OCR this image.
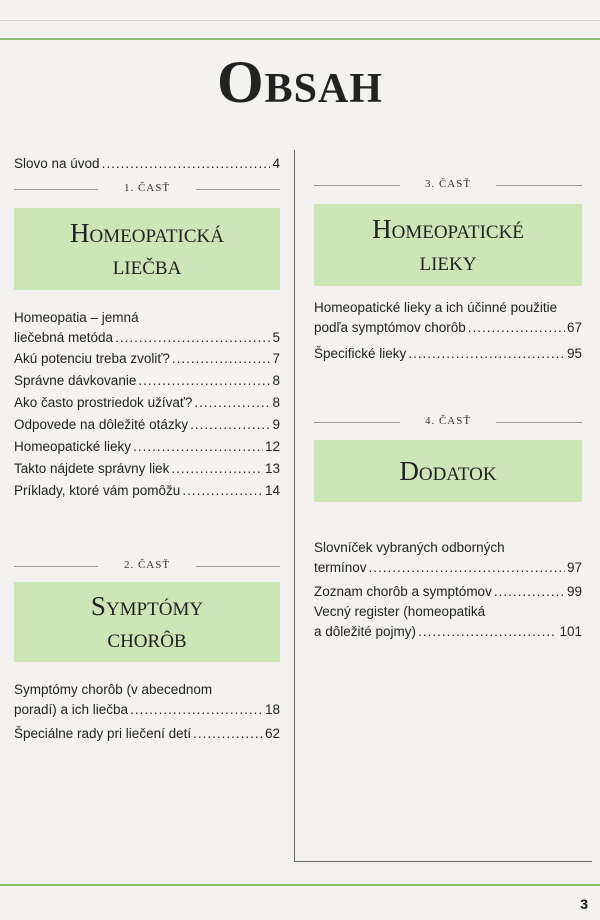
Obsah
Slovo na úvod .....	4
1. ČASŤ
Homeopatická
liečba
Homeopatia – jemná
liečebná metóda .....	5
Akú potenciu treba zvoliť? .....	7
Správne dávkovanie .....	8
Ako často prostriedok užívať? .....	8
Odpovede na dôležité otázky .....	9
Homeopatické lieky .....	12
Takto nájdete správny liek .....	13
Príklady, ktoré vám pomôžu .....	14
2. ČASŤ
Symptómy
chorôb
Symptómy chorôb (v abecednom
poradí) a ich liečba .....	18
Špeciálne rady pri liečení detí .....	62
3. ČASŤ
Homeopatické
lieky
Homeopatické lieky a ich účinné použitie
podľa symptómov chorôb .....	67
Špecifické lieky .....	95
4. ČASŤ
Dodatok
Slovníček vybraných odborných
termínov .....	97
Zoznam chorôb a symptómov .....	99
Vecný register (homeopatiká
a dôležité pojmy) .....	101
3
